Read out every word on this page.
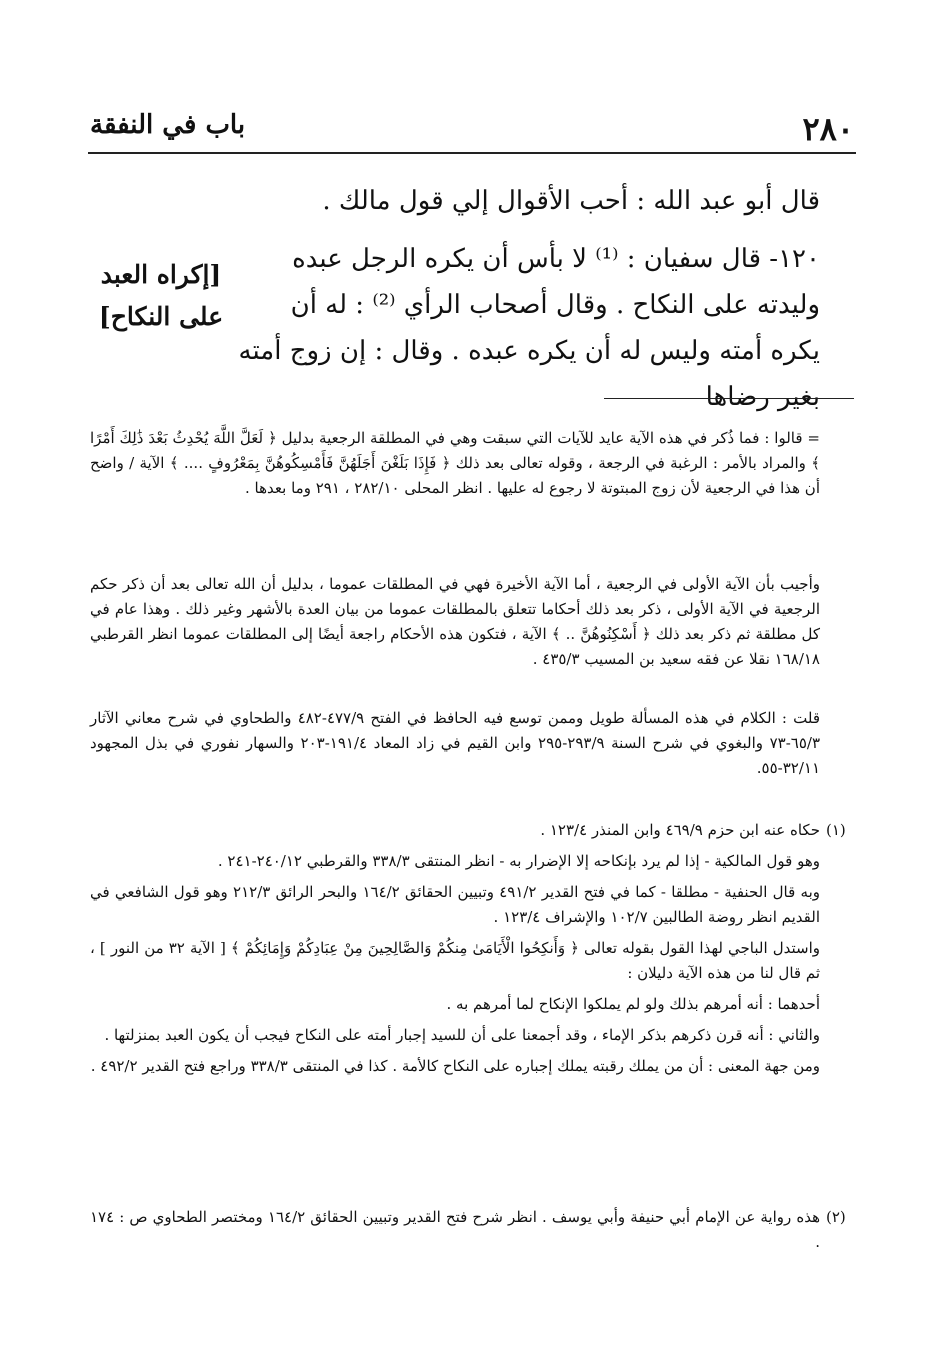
٢٨٠
باب في النفقة

قال أبو عبد الله : أحب الأقوال إلي قول مالك .

١٢٠- قال سفيان : ⁽¹⁾ لا بأس أن يكره الرجل عبده وليدته على النكاح . وقال أصحاب الرأي ⁽²⁾ : له أن يكره أمته وليس له أن يكره عبده . وقال : إن زوج أمته بغير رضاها

[إكراه العبد
على النكاح]

= قالوا : فما ذُكر في هذه الآية عايد للآيات التي سبقت وهي في المطلقة الرجعية بدليل ﴿ لَعَلَّ اللَّهَ يُحْدِثُ بَعْدَ ذَٰلِكَ أَمْرًا ﴾ والمراد بالأمر : الرغبة في الرجعة ، وقوله تعالى بعد ذلك ﴿ فَإِذَا بَلَغْنَ أَجَلَهُنَّ فَأَمْسِكُوهُنَّ بِمَعْرُوفٍ .... ﴾ الآية / واضح أن هذا في الرجعية لأن زوج المبتوتة لا رجوع له عليها . انظر المحلى ٢٨٢/١٠ ، ٢٩١ وما بعدها .

وأجيب بأن الآية الأولى في الرجعية ، أما الآية الأخيرة فهي في المطلقات عموما ، بدليل أن الله تعالى بعد أن ذكر حكم الرجعية في الآية الأولى ، ذكر بعد ذلك أحكاما تتعلق بالمطلقات عموما من بيان العدة بالأشهر وغير ذلك . وهذا عام في كل مطلقة ثم ذكر بعد ذلك ﴿ أَسْكِنُوهُنَّ .. ﴾ الآية ، فتكون هذه الأحكام راجعة أيضًا إلى المطلقات عموما انظر القرطبي ١٦٨/١٨ نقلا عن فقه سعيد بن المسيب ٤٣٥/٣ .

قلت : الكلام في هذه المسألة طويل وممن توسع فيه الحافظ في الفتح ٤٧٧/٩-٤٨٢ والطحاوي في شرح معاني الآثار ٦٥/٣-٧٣ والبغوي في شرح السنة ٢٩٣/٩-٢٩٥ وابن القيم في زاد المعاد ١٩١/٤-٢٠٣ والسهار نفوري في بذل المجهود ٣٢/١١-٥٥.

(١)

حكاه عنه ابن حزم ٤٦٩/٩ وابن المنذر ١٢٣/٤ .

وهو قول المالكية - إذا لم يرد بإنكاحه إلا الإضرار به - انظر المنتقى ٣٣٨/٣ والقرطبي ٢٤٠/١٢-٢٤١ .

وبه قال الحنفية - مطلقا - كما في فتح القدير ٤٩١/٢ وتبيين الحقائق ١٦٤/٢ والبحر الرائق ٢١٢/٣ وهو قول الشافعي في القديم انظر روضة الطالبين ١٠٢/٧ والإشراف ١٢٣/٤ .

واستدل الباجي لهذا القول بقوله تعالى ﴿ وَأَنكِحُوا الْأَيَامَىٰ مِنكُمْ وَالصَّالِحِينَ مِنْ عِبَادِكُمْ وَإِمَائِكُمْ ﴾ [ الآية ٣٢ من النور ] ، ثم قال لنا من هذه الآية دليلان :

أحدهما : أنه أمرهم بذلك ولو لم يملكوا الإنكاح لما أمرهم به .

والثاني : أنه قرن ذكرهم بذكر الإماء ، وقد أجمعنا على أن للسيد إجبار أمته على النكاح فيجب أن يكون العبد بمنزلتها .

ومن جهة المعنى : أن من يملك رقبته يملك إجباره على النكاح كالأمة . كذا في المنتقى ٣٣٨/٣ وراجع فتح القدير ٤٩٢/٢ .

(٢)

هذه رواية عن الإمام أبي حنيفة وأبي يوسف . انظر شرح فتح القدير وتبيين الحقائق ١٦٤/٢ ومختصر الطحاوي ص : ١٧٤ .
